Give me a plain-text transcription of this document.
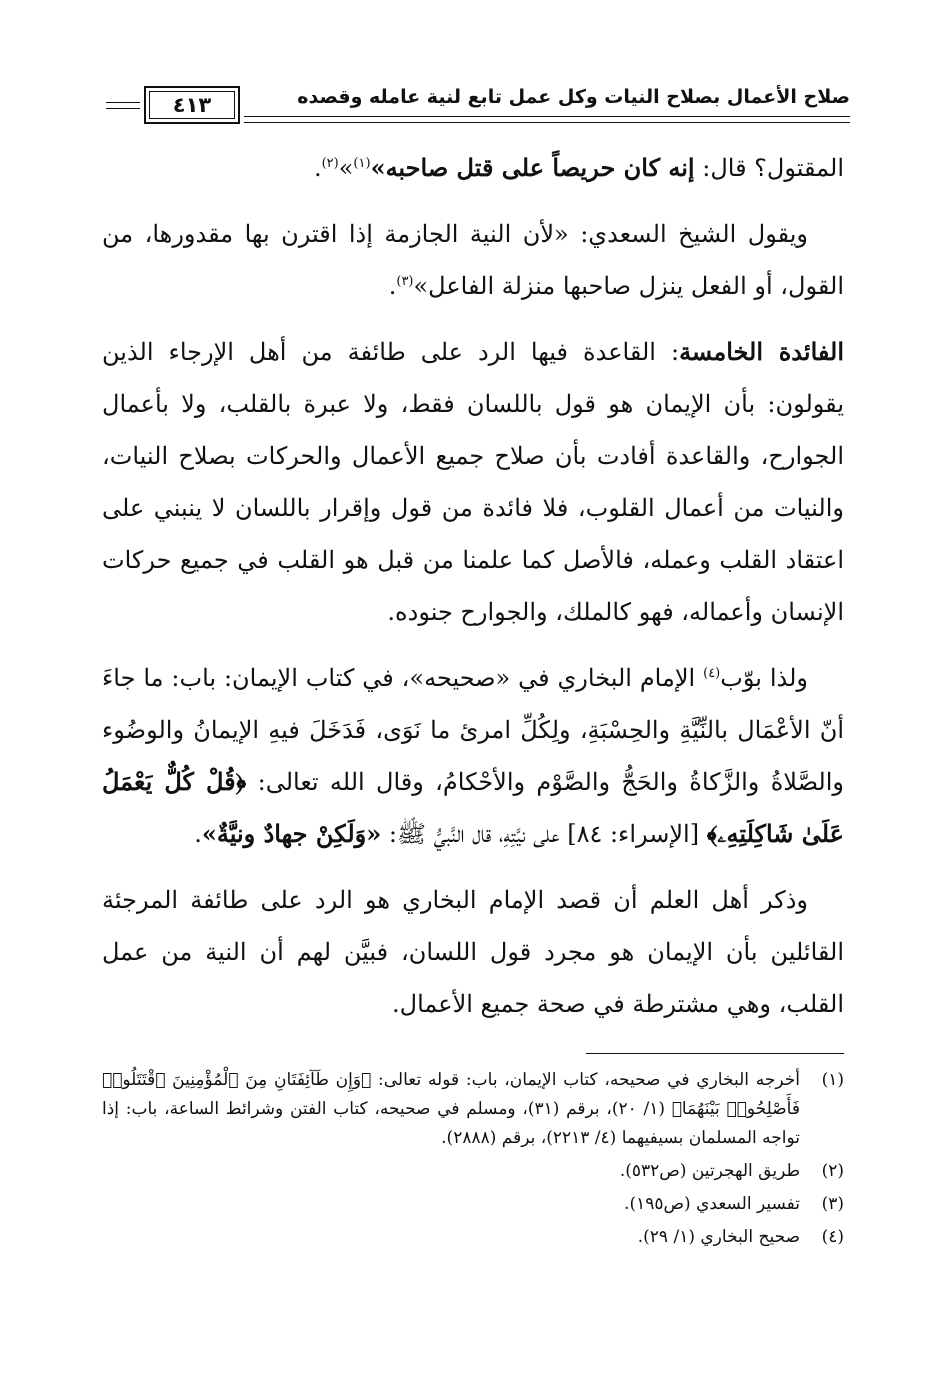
صلاح الأعمال بصلاح النيات وكل عمل تابع لنية عامله وقصده
٤١٣

المقتول؟ قال: إنه كان حريصاً على قتل صاحبه»$^{(١)}$»$^{(٢)}$.

ويقول الشيخ السعدي: «لأن النية الجازمة إذا اقترن بها مقدورها، من القول، أو الفعل ينزل صاحبها منزلة الفاعل»$^{(٣)}$.

الفائدة الخامسة: القاعدة فيها الرد على طائفة من أهل الإرجاء الذين يقولون: بأن الإيمان هو قول باللسان فقط، ولا عبرة بالقلب، ولا بأعمال الجوارح، والقاعدة أفادت بأن صلاح جميع الأعمال والحركات بصلاح النيات، والنيات من أعمال القلوب، فلا فائدة من قول وإقرار باللسان لا ينبني على اعتقاد القلب وعمله، فالأصل كما علمنا من قبل هو القلب في جميع حركات الإنسان وأعماله، فهو كالملك، والجوارح جنوده.

ولذا بوّب$^{(٤)}$ الإمام البخاري في «صحيحه»، في كتاب الإيمان: باب: ما جاءَ أنّ الأعْمَال بالنِّيَّةِ والحِسْبَةِ، ولِكُلِّ امرئ ما نَوَى، فَدَخَلَ فيهِ الإيمانُ والوضُوء والصَّلاةُ والزَّكاةُ والحَجُّ والصَّوْم والأحْكامُ، وقال الله تعالى: ﴿قُلْ كُلٌّ يَعْمَلُ عَلَىٰ شَاكِلَتِهِۦ﴾ [الإسراء: ٨٤] على نيَّتِهِ، قال النَّبيُّ ﷺ: «وَلَكِنْ جهادٌ ونيَّةٌ».

وذكر أهل العلم أن قصد الإمام البخاري هو الرد على طائفة المرجئة القائلين بأن الإيمان هو مجرد قول اللسان، فبيَّن لهم أن النية من عمل القلب، وهي مشترطة في صحة جميع الأعمال.

(١)
أخرجه البخاري في صحيحه، كتاب الإيمان، باب: قوله تعالى: ﴿وَإِن طَآئِفَتَانِ مِنَ ٱلْمُؤْمِنِينَ ٱقْتَتَلُوا۟ فَأَصْلِحُوا۟ بَيْنَهُمَا﴾ (١/ ٢٠)، برقم (٣١)، ومسلم في صحيحه، كتاب الفتن وشرائط الساعة، باب: إذا تواجه المسلمان بسيفيهما (٤/ ٢٢١٣)، برقم (٢٨٨٨).
(٢)
طريق الهجرتين (ص٥٣٢).
(٣)
تفسير السعدي (ص١٩٥).
(٤)
صحيح البخاري (١/ ٢٩).
